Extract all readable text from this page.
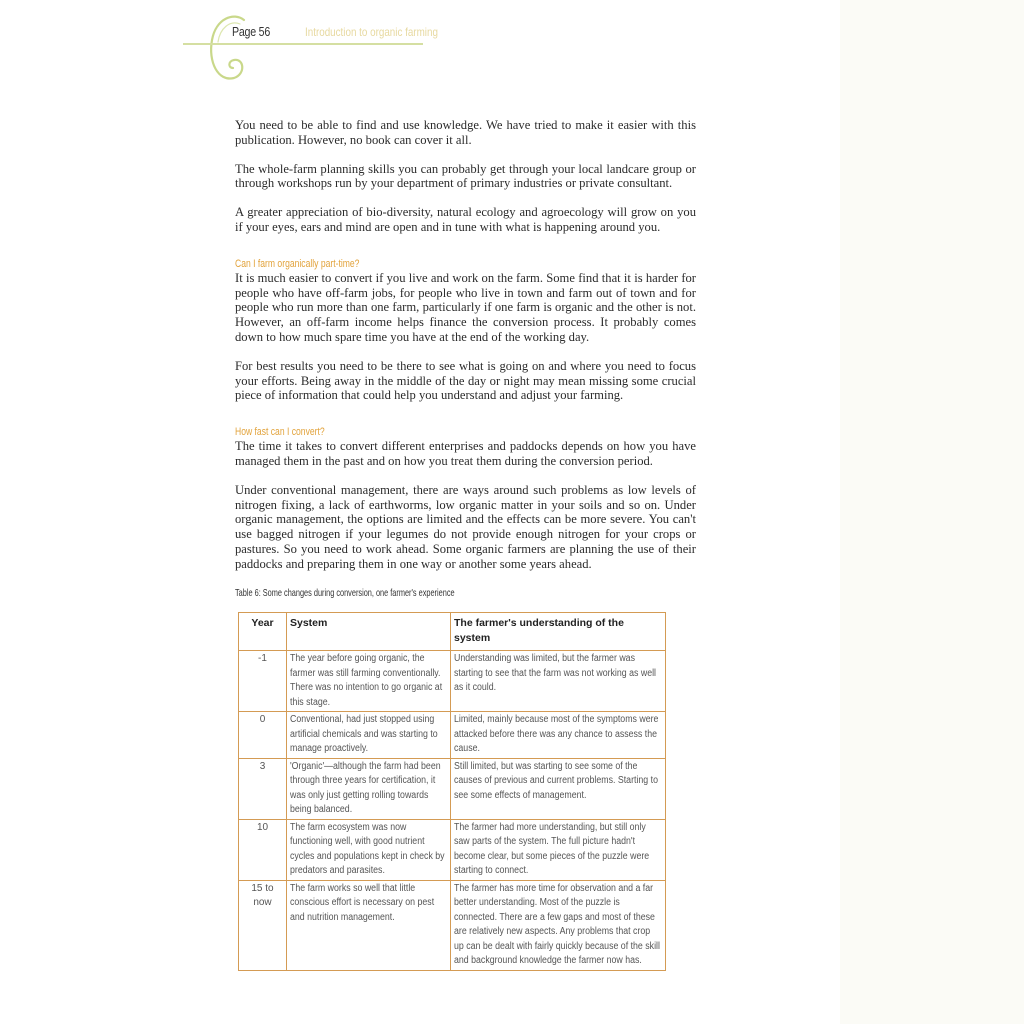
Page 56	Introduction to organic farming

You need to be able to find and use knowledge. We have tried to make it easier with this publication. However, no book can cover it all.

The whole-farm planning skills you can probably get through your local landcare group or through workshops run by your department of primary industries or private consultant.

A greater appreciation of bio-diversity, natural ecology and agroecology will grow on you if your eyes, ears and mind are open and in tune with what is happening around you.

Can I farm organically part-time?

It is much easier to convert if you live and work on the farm. Some find that it is harder for people who have off-farm jobs, for people who live in town and farm out of town and for people who run more than one farm, particularly if one farm is organic and the other is not. However, an off-farm income helps finance the conversion process. It probably comes down to how much spare time you have at the end of the working day.

For best results you need to be there to see what is going on and where you need to focus your efforts. Being away in the middle of the day or night may mean missing some crucial piece of information that could help you understand and adjust your farming.

How fast can I convert?

The time it takes to convert different enterprises and paddocks depends on how you have managed them in the past and on how you treat them during the conversion period.

Under conventional management, there are ways around such problems as low levels of nitrogen fixing, a lack of earthworms, low organic matter in your soils and so on. Under organic management, the options are limited and the effects can be more severe. You can't use bagged nitrogen if your legumes do not provide enough nitrogen for your crops or pastures. So you need to work ahead. Some organic farmers are planning the use of their paddocks and preparing them in one way or another some years ahead.

Table 6: Some changes during conversion, one farmer's experience
Year	System	The farmer's understanding of the system

-1	The year before going organic, the farmer was still farming conventionally. There was no intention to go organic at this stage.	Understanding was limited, but the farmer was starting to see that the farm was not working as well as it could.

0	Conventional, had just stopped using artificial chemicals and was starting to manage proactively.	Limited, mainly because most of the symptoms were attacked before there was any chance to assess the cause.

3	'Organic'—although the farm had been through three years for certification, it was only just getting rolling towards being balanced.	Still limited, but was starting to see some of the causes of previous and current problems. Starting to see some effects of management.

10	The farm ecosystem was now functioning well, with good nutrient cycles and populations kept in check by predators and parasites.	The farmer had more understanding, but still only saw parts of the system. The full picture hadn't become clear, but some pieces of the puzzle were starting to connect.

15 to now	The farm works so well that little conscious effort is necessary on pest and nutrition management.	The farmer has more time for observation and a far better understanding. Most of the puzzle is connected. There are a few gaps and most of these are relatively new aspects. Any problems that crop up can be dealt with fairly quickly because of the skill and background knowledge the farmer now has.
